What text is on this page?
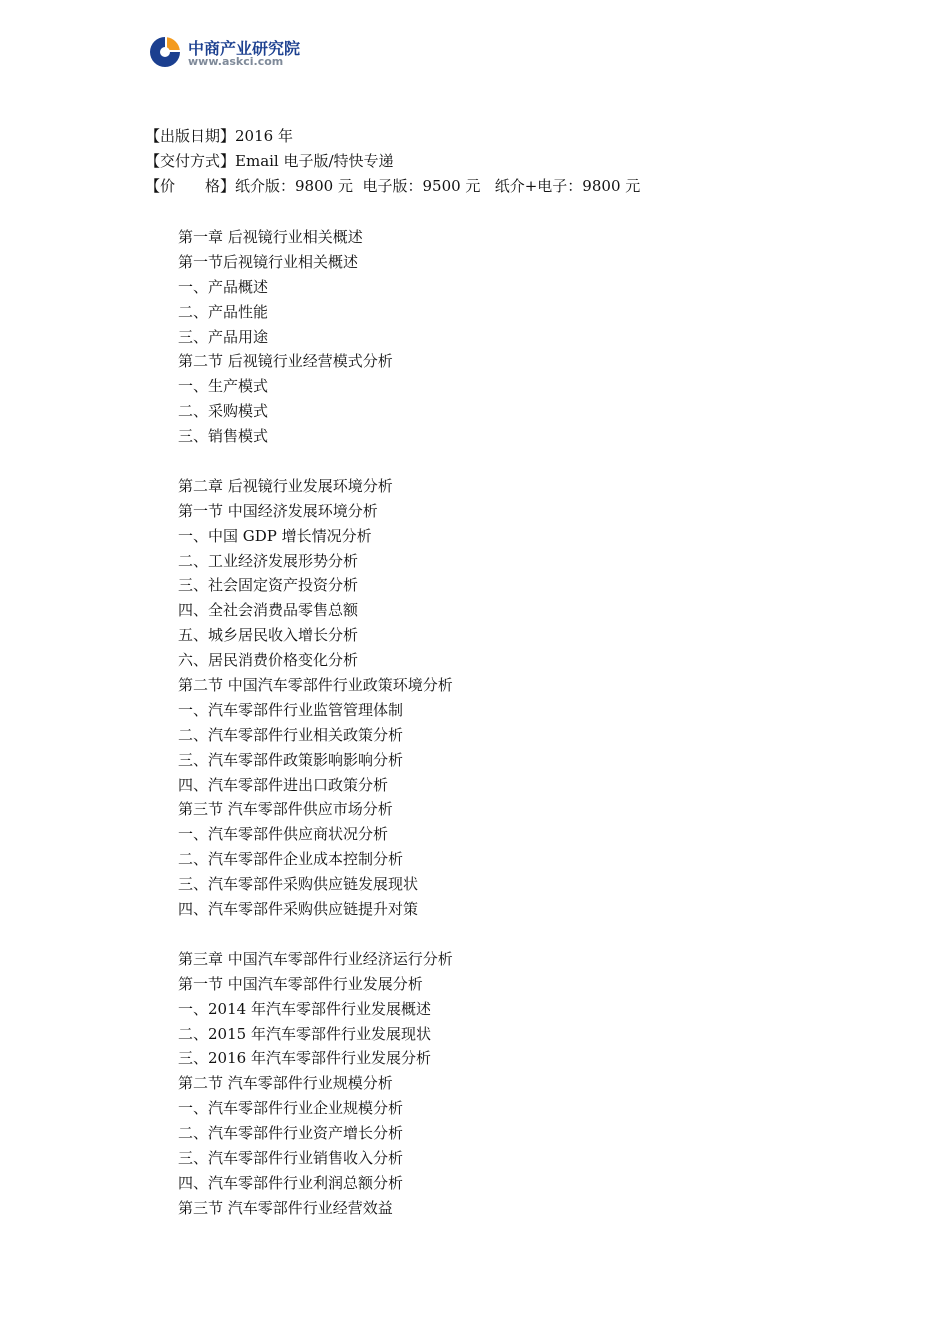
中商产业研究院
www.askci.com
【出版日期】2016 年
【交付方式】Email 电子版/特快专递
【价　　格】纸介版：9800 元  电子版：9500 元   纸介+电子：9800 元
第一章 后视镜行业相关概述
第一节后视镜行业相关概述
一、产品概述
二、产品性能
三、产品用途
第二节 后视镜行业经营模式分析
一、生产模式
二、采购模式
三、销售模式
第二章 后视镜行业发展环境分析
第一节 中国经济发展环境分析
一、中国 GDP 增长情况分析
二、工业经济发展形势分析
三、社会固定资产投资分析
四、全社会消费品零售总额
五、城乡居民收入增长分析
六、居民消费价格变化分析
第二节 中国汽车零部件行业政策环境分析
一、汽车零部件行业监管管理体制
二、汽车零部件行业相关政策分析
三、汽车零部件政策影响影响分析
四、汽车零部件进出口政策分析
第三节 汽车零部件供应市场分析
一、汽车零部件供应商状况分析
二、汽车零部件企业成本控制分析
三、汽车零部件采购供应链发展现状
四、汽车零部件采购供应链提升对策
第三章 中国汽车零部件行业经济运行分析
第一节 中国汽车零部件行业发展分析
一、2014 年汽车零部件行业发展概述
二、2015 年汽车零部件行业发展现状
三、2016 年汽车零部件行业发展分析
第二节 汽车零部件行业规模分析
一、汽车零部件行业企业规模分析
二、汽车零部件行业资产增长分析
三、汽车零部件行业销售收入分析
四、汽车零部件行业利润总额分析
第三节 汽车零部件行业经营效益
